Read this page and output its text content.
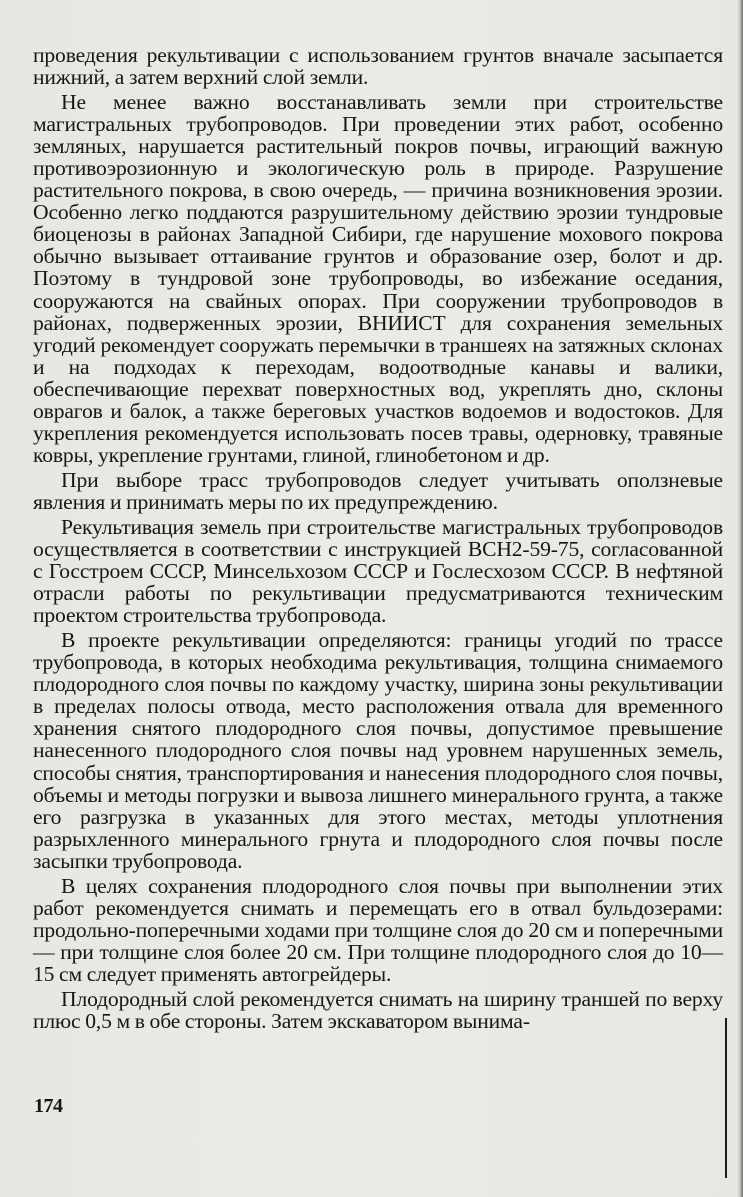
проведения рекультивации с использованием грунтов вначале засыпается нижний, а затем верхний слой земли.

Не менее важно восстанавливать земли при строительстве магистральных трубопроводов. При проведении этих работ, особенно земляных, нарушается растительный покров почвы, играющий важную противоэрозионную и экологическую роль в природе. Разрушение растительного покрова, в свою очередь, — причина возникновения эрозии. Особенно легко поддаются разрушительному действию эрозии тундровые биоценозы в районах Западной Сибири, где нарушение мохового покрова обычно вызывает оттаивание грунтов и образование озер, болот и др. Поэтому в тундровой зоне трубопроводы, во избежание оседания, сооружаются на свайных опорах. При сооружении трубопроводов в районах, подверженных эрозии, ВНИИСТ для сохранения земельных угодий рекомендует сооружать перемычки в траншеях на затяжных склонах и на подходах к переходам, водоотводные канавы и валики, обеспечивающие перехват поверхностных вод, укреплять дно, склоны оврагов и балок, а также береговых участков водоемов и водостоков. Для укрепления рекомендуется использовать посев травы, одерновку, травяные ковры, укрепление грунтами, глиной, глинобетоном и др.

При выборе трасс трубопроводов следует учитывать оползневые явления и принимать меры по их предупреждению.

Рекультивация земель при строительстве магистральных трубопроводов осуществляется в соответствии с инструкцией ВСН2-59-75, согласованной с Госстроем СССР, Минсельхозом СССР и Гослесхозом СССР. В нефтяной отрасли работы по рекультивации предусматриваются техническим проектом строительства трубопровода.

В проекте рекультивации определяются: границы угодий по трассе трубопровода, в которых необходима рекультивация, толщина снимаемого плодородного слоя почвы по каждому участку, ширина зоны рекультивации в пределах полосы отвода, место расположения отвала для временного хранения снятого плодородного слоя почвы, допустимое превышение нанесенного плодородного слоя почвы над уровнем нарушенных земель, способы снятия, транспортирования и нанесения плодородного слоя почвы, объемы и методы погрузки и вывоза лишнего минерального грунта, а также его разгрузка в указанных для этого местах, методы уплотнения разрыхленного минерального грнута и плодородного слоя почвы после засыпки трубопровода.

В целях сохранения плодородного слоя почвы при выполнении этих работ рекомендуется снимать и перемещать его в отвал бульдозерами: продольно-поперечными ходами при толщине слоя до 20 см и поперечными — при толщине слоя более 20 см. При толщине плодородного слоя до 10—15 см следует применять автогрейдеры.

Плодородный слой рекомендуется снимать на ширину траншей по верху плюс 0,5 м в обе стороны. Затем экскаватором вынима-

174
